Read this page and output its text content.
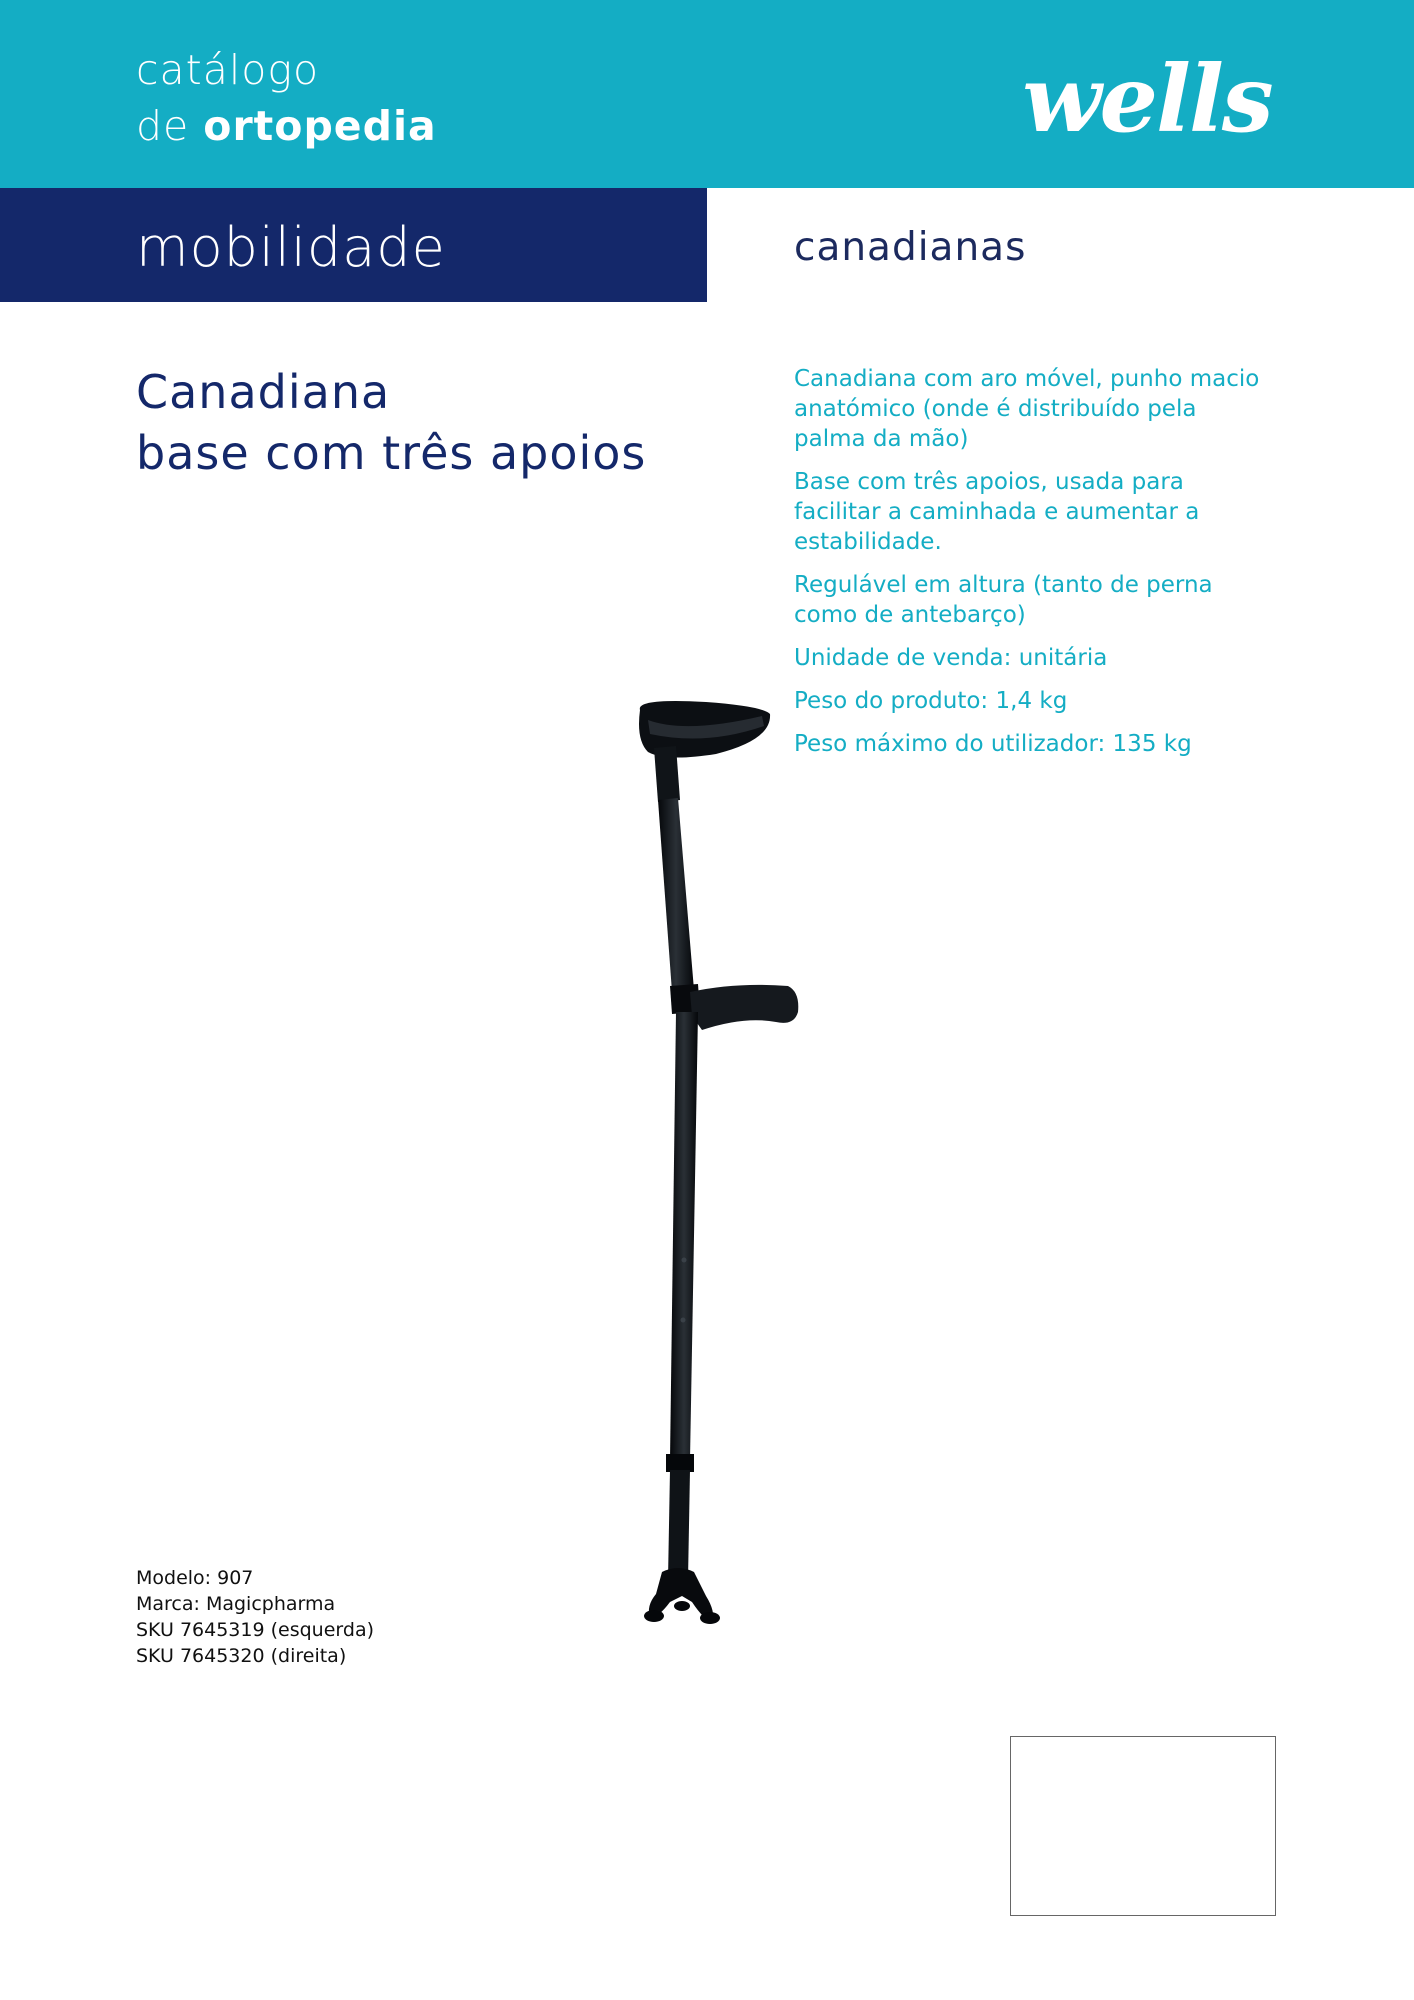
catálogo
de ortopedia	wells
mobilidade	canadianas
Canadiana
base com três apoios
Canadiana com aro móvel, punho macio anatómico (onde é distribuído pela palma da mão)
Base com três apoios, usada para facilitar a caminhada e aumentar a estabilidade.
Regulável em altura (tanto de perna como de antebarço)
Unidade de venda: unitária
Peso do produto: 1,4 kg
Peso máximo do utilizador: 135 kg
Modelo: 907
Marca: Magicpharma
SKU 7645319 (esquerda)
SKU 7645320 (direita)
